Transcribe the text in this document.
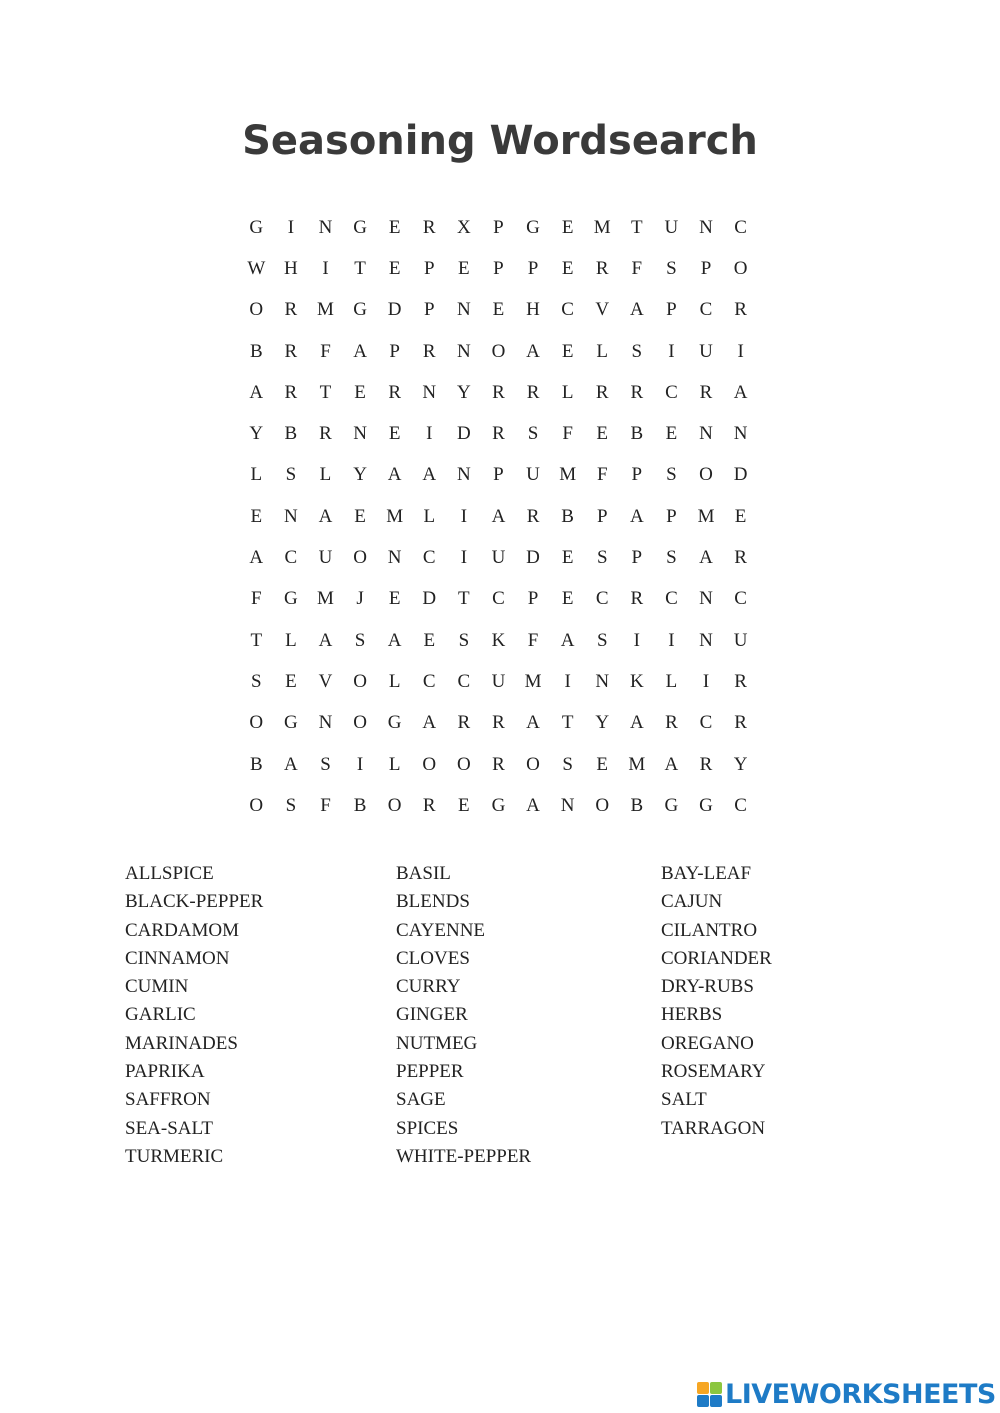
Seasoning Wordsearch
G	I	N	G	E	R	X	P	G	E	M	T	U	N	C
W H	I	T	E	P	E	P	P	E	R	F	S	P	O
O	R	M	G	D	P	N	E	H	C	V	A	P	C	R
B	R	F	A	P	R	N	O	A	E	L	S	I	U	I
A	R	T	E	R	N	Y	R	R	L	R	R	C	R	A
Y	B	R	N	E	I	D	R	S	F	E	B	E	N	N
L	S	L	Y	A	A	N	P	U	M	F	P	S	O	D
E	N	A	E	M	L	I	A	R	B	P	A	P	M	E
A	C	U	O	N	C	I	U	D	E	S	P	S	A	R
F	G	M	J	E	D	T	C	P	E	C	R	C	N	C
T	L	A	S	A	E	S	K	F	A	S	I	I	N	U
S	E	V	O	L	C	C	U	M	I	N	K	L	I	R
O	G	N	O	G	A	R	R	A	T	Y	A	R	C	R
B	A	S	I	L	O	O	R	O	S	E	M	A	R	Y
O	S	F	B	O	R	E	G	A	N	O	B	G	G	C
ALLSPICE	BASIL	BAY-LEAF
BLACK-PEPPER	BLENDS	CAJUN
CARDAMOM	CAYENNE	CILANTRO
CINNAMON	CLOVES	CORIANDER
CUMIN	CURRY	DRY-RUBS
GARLIC	GINGER	HERBS
MARINADES	NUTMEG	OREGANO
PAPRIKA	PEPPER	ROSEMARY
SAFFRON	SAGE	SALT
SEA-SALT	SPICES	TARRAGON
TURMERIC	WHITE-PEPPER
LIVEWORKSHEETS
